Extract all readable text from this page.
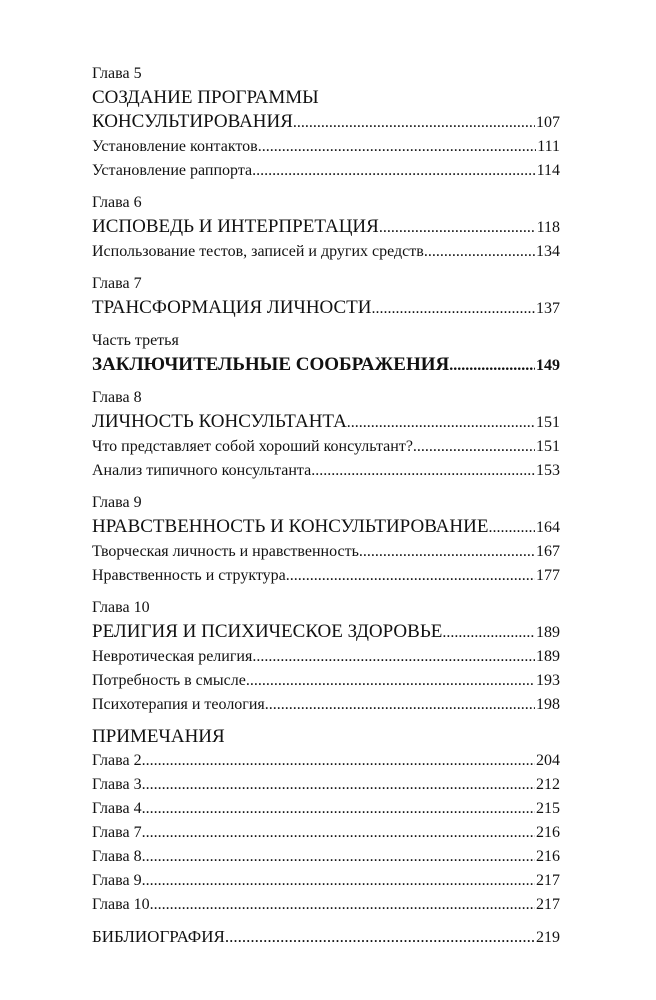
Глава 5
СОЗДАНИЕ ПРОГРАММЫ
КОНСУЛЬТИРОВАНИЯ .....	107
Установление контактов .....	111
Установление раппорта .....	114
Глава 6
ИСПОВЕДЬ И ИНТЕРПРЕТАЦИЯ .....	118
Использование тестов, записей и других средств .....	134
Глава 7
ТРАНСФОРМАЦИЯ ЛИЧНОСТИ .....	137
Часть третья
ЗАКЛЮЧИТЕЛЬНЫЕ СООБРАЖЕНИЯ .....	149
Глава 8
ЛИЧНОСТЬ КОНСУЛЬТАНТА .....	151
Что представляет собой хороший консультант? .....	151
Анализ типичного консультанта .....	153
Глава 9
НРАВСТВЕННОСТЬ И КОНСУЛЬТИРОВАНИЕ .....	164
Творческая личность и нравственность .....	167
Нравственность и структура .....	177
Глава 10
РЕЛИГИЯ И ПСИХИЧЕСКОЕ ЗДОРОВЬЕ .....	189
Невротическая религия .....	189
Потребность в смысле .....	193
Психотерапия и теология .....	198
ПРИМЕЧАНИЯ
Глава 2 .....	204
Глава 3 .....	212
Глава 4 .....	215
Глава 7 .....	216
Глава 8 .....	216
Глава 9 .....	217
Глава 10 .....	217
БИБЛИОГРАФИЯ .....	219
